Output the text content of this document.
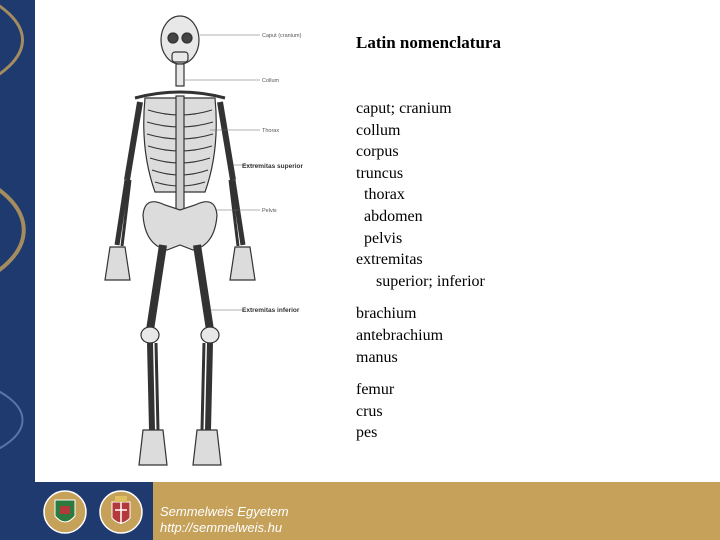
Caput (cranium)
Collum
Thorax
Extremitas superior
Pelvis
Extremitas inferior
Latin nomenclatura
caput; cranium
collum
corpus
truncus
thorax
abdomen
pelvis
extremitas
superior; inferior
brachium
antebrachium
manus
femur
crus
pes
Semmelweis Egyetem
http://semmelweis.hu
